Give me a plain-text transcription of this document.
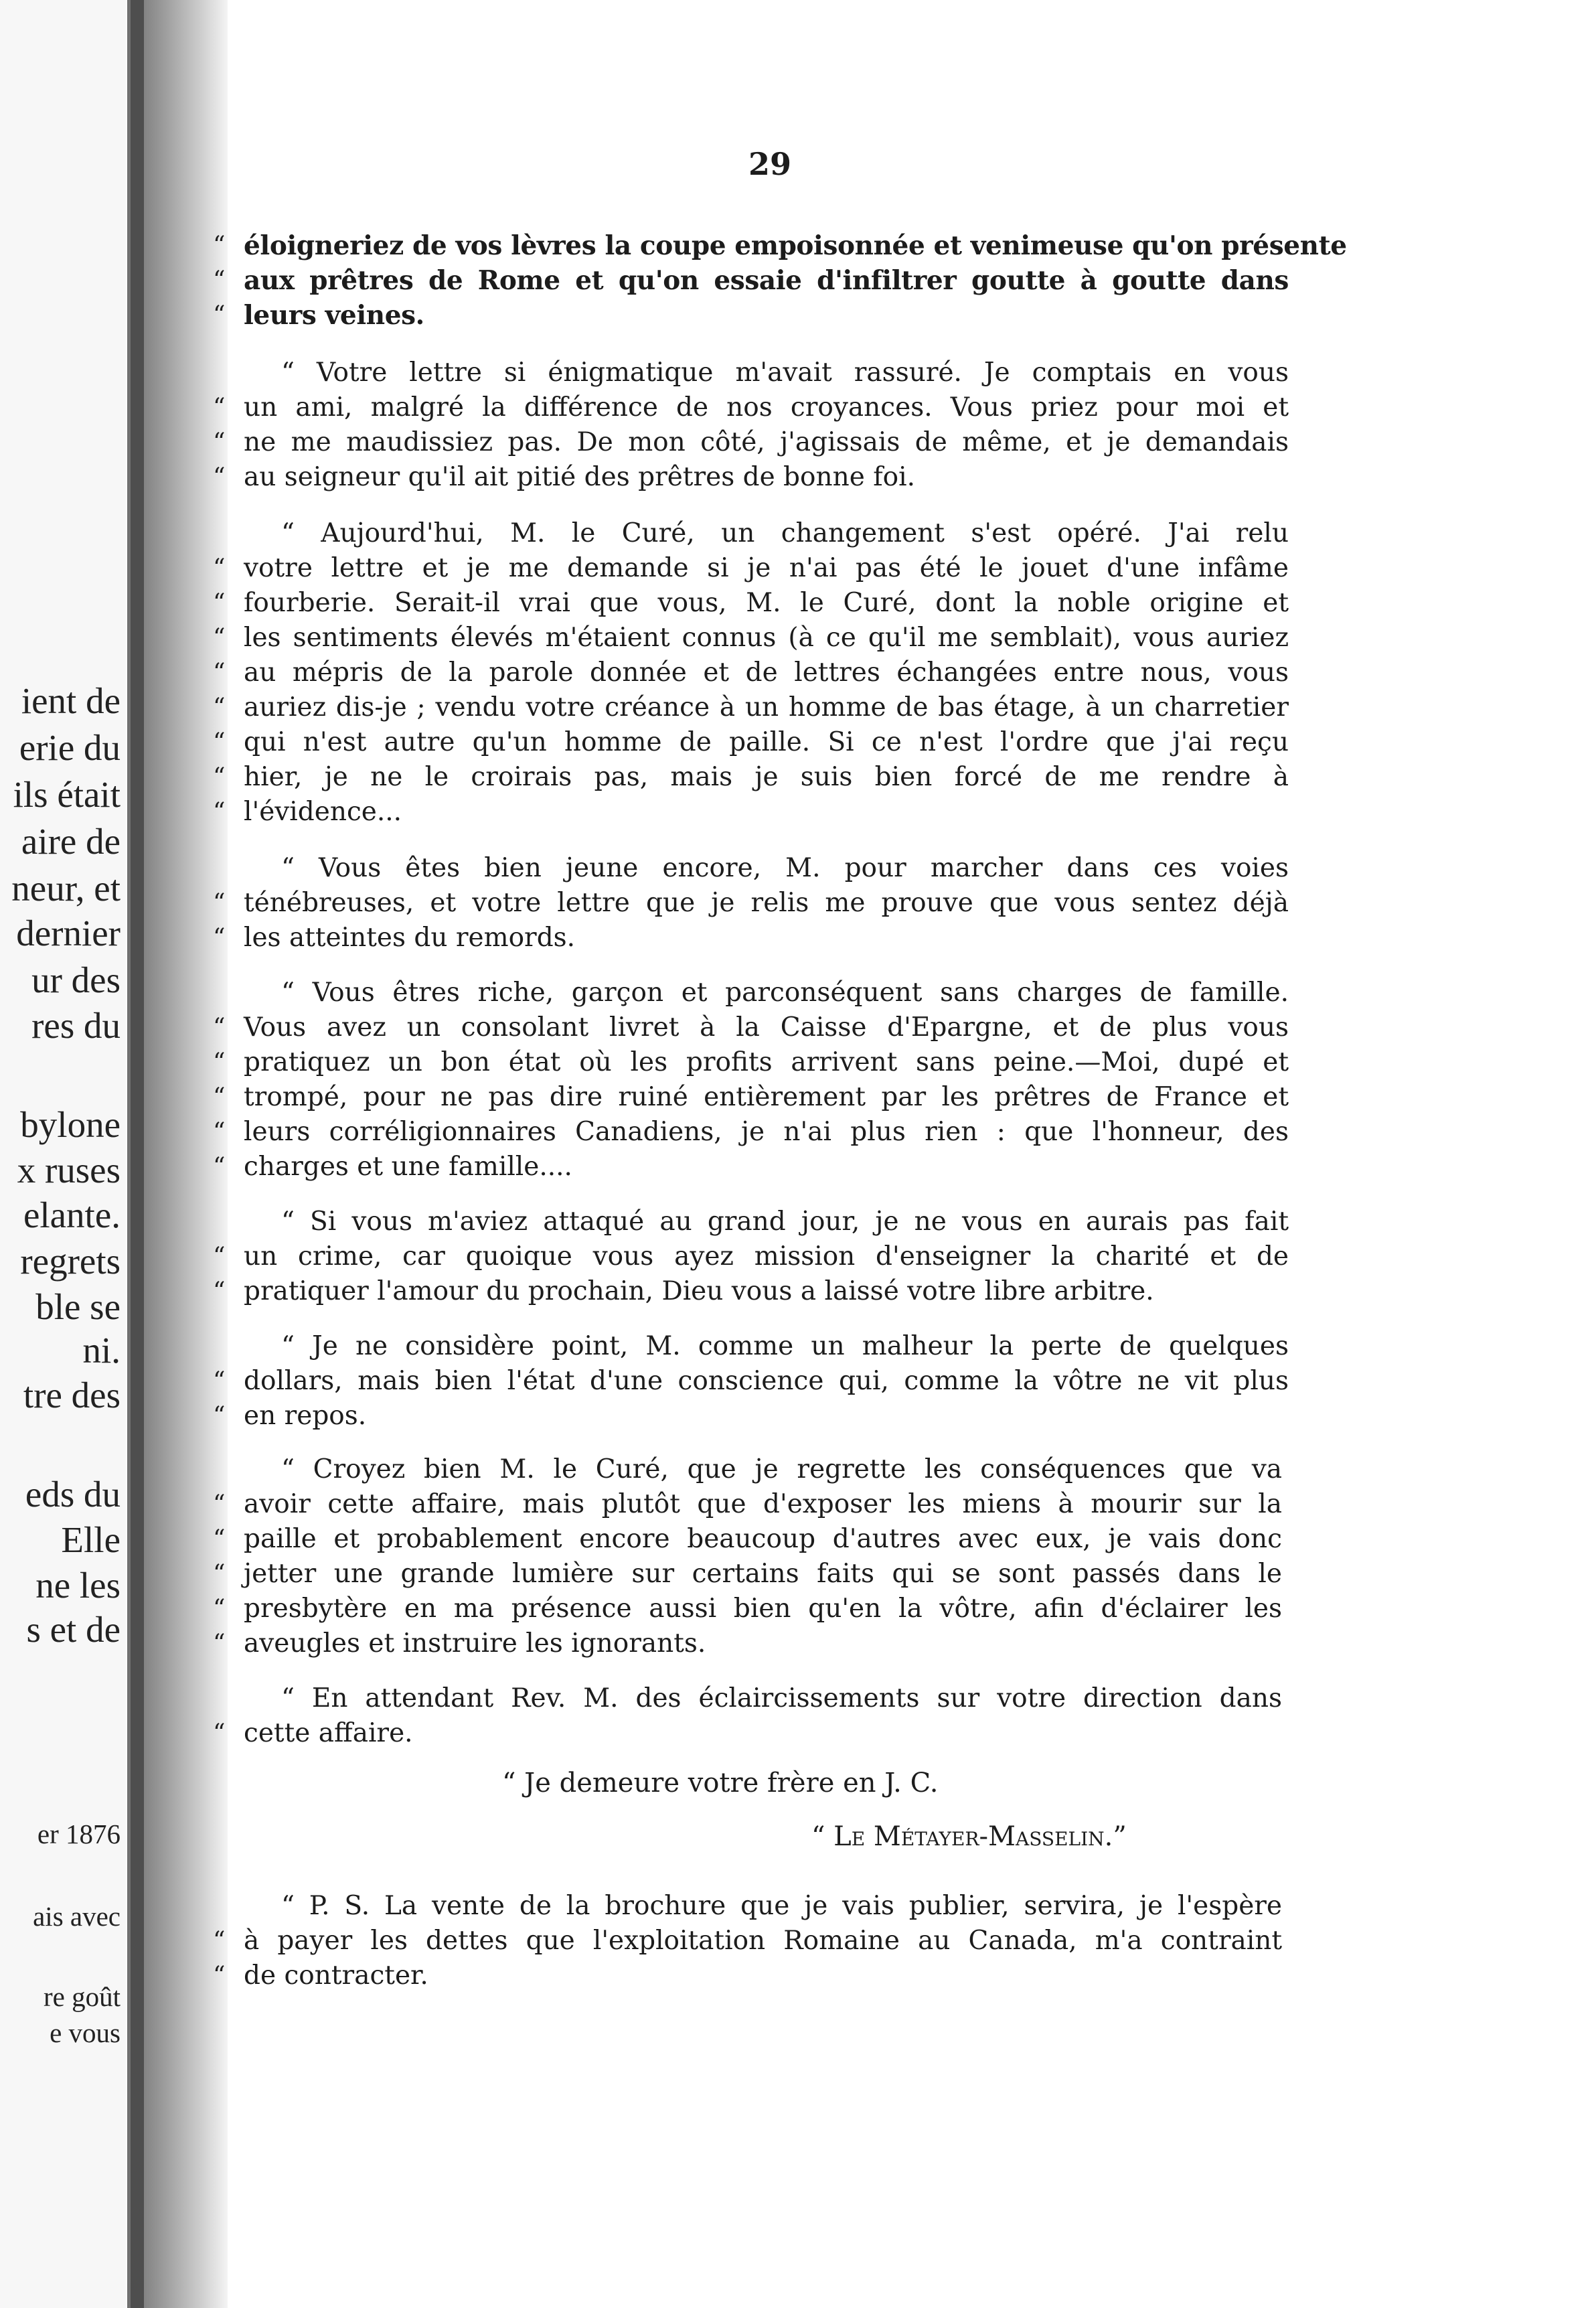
ient de
erie du
ils était
aire de
neur, et
dernier
ur des
res du
bylone
x ruses
elante.
regrets
ble se
ni.
tre des
eds du
Elle
ne les
s et de
er 1876
ais avec
re goût
e vous
29
“ éloigneriez de vos lèvres la coupe empoisonnée et venimeuse qu'on présente
“ aux prêtres de Rome et qu'on essaie d'infiltrer goutte à goutte dans
“ leurs veines.
“ Votre lettre si énigmatique m'avait rassuré. Je comptais en vous
“ un ami, malgré la différence de nos croyances. Vous priez pour moi et
“ ne me maudissiez pas. De mon côté, j'agissais de même, et je demandais
“ au seigneur qu'il ait pitié des prêtres de bonne foi.
“ Aujourd'hui, M. le Curé, un changement s'est opéré. J'ai relu
“ votre lettre et je me demande si je n'ai pas été le jouet d'une infâme
“ fourberie. Serait-il vrai que vous, M. le Curé, dont la noble origine et
“ les sentiments élevés m'étaient connus (à ce qu'il me semblait), vous auriez
“ au mépris de la parole donnée et de lettres échangées entre nous, vous
“ auriez dis-je ; vendu votre créance à un homme de bas étage, à un charretier
“ qui n'est autre qu'un homme de paille. Si ce n'est l'ordre que j'ai reçu
“ hier, je ne le croirais pas, mais je suis bien forcé de me rendre à
“ l'évidence...
“ Vous êtes bien jeune encore, M. pour marcher dans ces voies
“ ténébreuses, et votre lettre que je relis me prouve que vous sentez déjà
“ les atteintes du remords.
“ Vous êtres riche, garçon et parconséquent sans charges de famille.
“ Vous avez un consolant livret à la Caisse d'Epargne, et de plus vous
“ pratiquez un bon état où les profits arrivent sans peine.—Moi, dupé et
“ trompé, pour ne pas dire ruiné entièrement par les prêtres de France et
“ leurs corréligionnaires Canadiens, je n'ai plus rien : que l'honneur, des
“ charges et une famille....
“ Si vous m'aviez attaqué au grand jour, je ne vous en aurais pas fait
“ un crime, car quoique vous ayez mission d'enseigner la charité et de
“ pratiquer l'amour du prochain, Dieu vous a laissé votre libre arbitre.
“ Je ne considère point, M. comme un malheur la perte de quelques
“ dollars, mais bien l'état d'une conscience qui, comme la vôtre ne vit plus
“ en repos.
“ Croyez bien M. le Curé, que je regrette les conséquences que va
“ avoir cette affaire, mais plutôt que d'exposer les miens à mourir sur la
“ paille et probablement encore beaucoup d'autres avec eux, je vais donc
“ jetter une grande lumière sur certains faits qui se sont passés dans le
“ presbytère en ma présence aussi bien qu'en la vôtre, afin d'éclairer les
“ aveugles et instruire les ignorants.
“ En attendant Rev. M. des éclaircissements sur votre direction dans
“ cette affaire.
“ Je demeure votre frère en J. C.
“ Le Métayer-Masselin.”
“ P. S. La vente de la brochure que je vais publier, servira, je l'espère
“ à payer les dettes que l'exploitation Romaine au Canada, m'a contraint
“ de contracter.
